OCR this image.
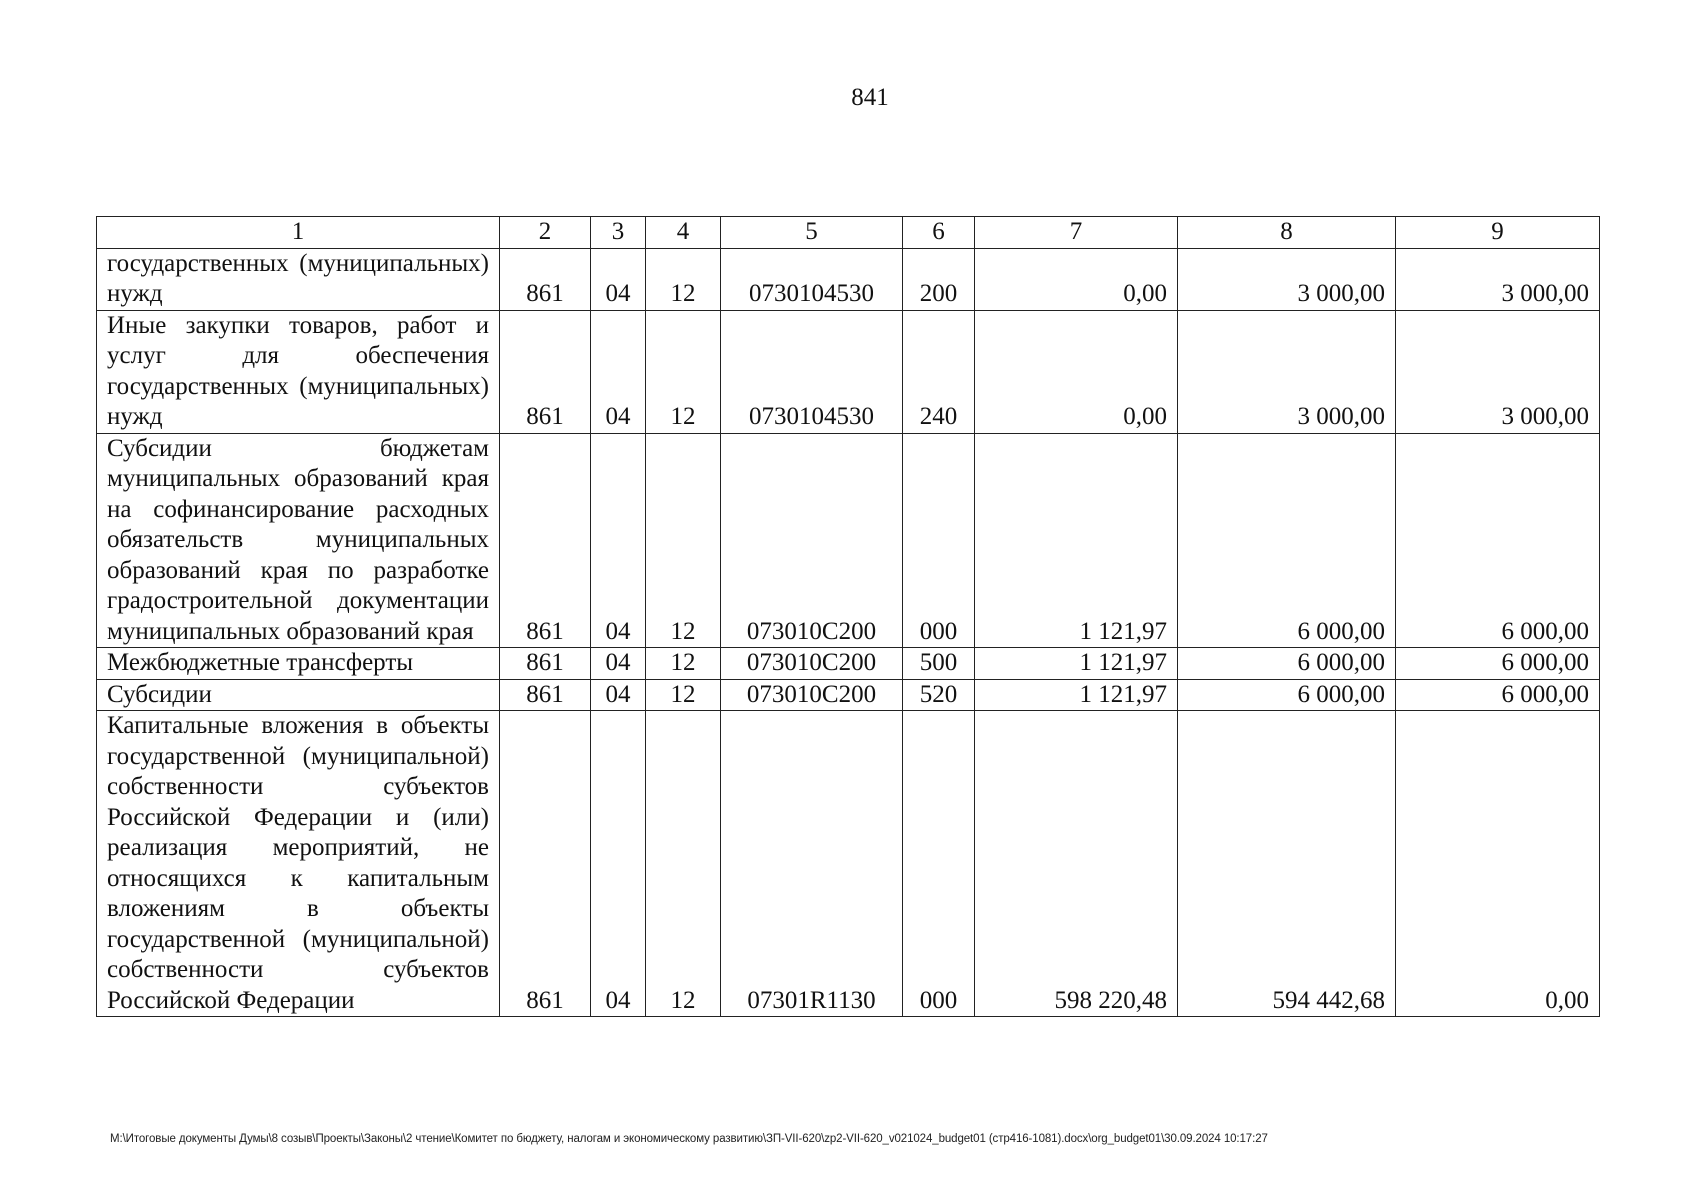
841
1	2	3	4	5	6	7	8	9
государственных (муниципальных) нужд	861	04	12	0730104530	200	0,00	3 000,00	3 000,00
Иные закупки товаров, работ и услуг для обеспечения государственных (муниципальных) нужд	861	04	12	0730104530	240	0,00	3 000,00	3 000,00
Субсидии бюджетам муниципальных образований края на софинансирование расходных обязательств муниципальных образований края по разработке градостроительной документации муниципальных образований края	861	04	12	073010С200	000	1 121,97	6 000,00	6 000,00
Межбюджетные трансферты	861	04	12	073010С200	500	1 121,97	6 000,00	6 000,00
Субсидии	861	04	12	073010С200	520	1 121,97	6 000,00	6 000,00
Капитальные вложения в объекты государственной (муниципальной) собственности субъектов Российской Федерации и (или) реализация мероприятий, не относящихся к капитальным вложениям в объекты государственной (муниципальной) собственности субъектов Российской Федерации	861	04	12	07301R1130	000	598 220,48	594 442,68	0,00
M:\Итоговые документы Думы\8 созыв\Проекты\Законы\2 чтение\Комитет по бюджету, налогам и экономическому развитию\ЗП-VII-620\zp2-VII-620_v021024_budget01 (стр416-1081).docx\org_budget01\30.09.2024 10:17:27
